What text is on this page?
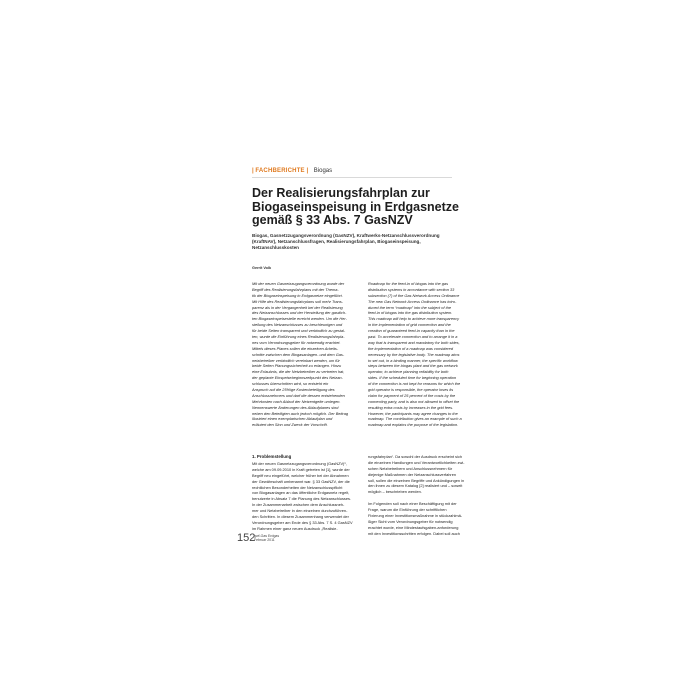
| FACHBERICHTE | Biogas
Der Realisierungsfahrplan zur
Biogaseinspeisung in Erdgasnetze
gemäß § 33 Abs. 7 GasNZV
Biogas, Gasnetzzugangsverordnung (GasNZV), Kraftwerks-Netzanschlussverordnung (KraftNAV), Netzanschlussfragen, Realisierungsfahrplan, Biogaseinspeisung, Netzanschlusskosten
Gerrit Volk
Mit der neuen Gasnetzzugangsverordnung wurde der
Begriff des Realisierungsfahrplans mit der Thema-
tik der Biogaseinspeisung in Erdgasnetze eingeführt.
Mit Hilfe des Realisierungsfahrplans soll mehr Trans-
parenz als in der Vergangenheit bei der Realisierung
des Netzanschlusses und der Herstellung der gasdich-
ten Biogaseinspeisestelle erreicht werden. Um die Her-
stellung des Netzanschlusses zu beschleunigen und
für beide Seiten transparent und verbindlich zu gestal-
ten, wurde die Einführung eines Realisierungsfahrpla-
nes vom Verordnungsgeber für notwendig erachtet.
Mittels dieses Planes sollen die einzelnen Arbeits-
schritte zwischen dem Biogasanlagen- und dem Gas-
netzbetreiber verbindlich vereinbart werden, um für
beide Seiten Planungssicherheit zu erlangen. Hinzu
eine Erlaubnis, die der Netzbetreiber zu vertreten hat,
der geplante Einspeisebeginnszeitpunkt des Netzan-
schlusses überschritten wird, so entsteht ein
Anspruch auf die 25%ige Kostenbeteiligung des
Anschlussnehmers und darf die dessen entstehenden
Mehrkosten nach Ablauf der Netzentgelte umlegen.
Nennenswerte Änderungen des Ablaufplanes sind
neben den Beteiligten auch jedoch möglich. Der Beitrag
illustriert einen exemplarischen Ablaufplan und
erläutert den Sinn und Zweck der Vorschrift.
Roadmap for the feed-in of biogas into the gas
distribution systems in accordance with section 33
subsection (7) of the Gas Network Access Ordinance
The new Gas Network Access Ordinance has intro-
duced the term “roadmap” into the subject of the
feed-in of biogas into the gas distribution system.
This roadmap will help to achieve more transparency
in the implementation of grid connection and the
creation of guaranteed feed-in capacity than in the
past. To accelerate connection and to arrange it in a
way that is transparent and mandatory for both sides,
the implementation of a roadmap was considered
necessary by the legislative body. The roadmap aims
to set out, in a binding manner, the specific workflow
steps between the biogas plant and the gas network
operator, to achieve planning reliability for both
sides. If the scheduled time for beginning operation
of the connection is not kept for reasons for which the
grid operator is responsible, the operator loses its
claim for payment of 25 percent of the costs by the
connecting party, and is also not allowed to offset the
resulting extra costs by increases in the grid fees.
However, the participants may agree changes to the
roadmap. The contribution gives an example of such a
roadmap and explains the purpose of the legislation.
1. Problemstellung
Mit der neuen Gasnetzzugangsverordnung (GasNZV)¹,
welche am 09.09.2010 in Kraft getreten ist [1], wurde der
Begriff neu eingeführt, welcher früher bei der Abnahmen
der Gewährschaft umbenannt war. § 33 GasNZV, der die
rechtlichen Besonderheiten der Netzanschlusspflicht
von Biogasanlagen an das öffentliche Erdgasnetz regelt,
benutzerte in Absatz 7 die Planung des Netzanschlusses.
In der Zusammenarbeit zwischen dem Anschlussneh-
mer und Netzbetreiber in den einzelnen durchzuführen-
den Schritten. In diesem Zusammenhang verwendet der
Verordnungsgeber am Ende des § 33 Abs. 7 S. 4 GasNZV
im Rahmen einer ganz neuen Ausdruck „Realisie-
rungsfahrplan“. Da sowohl der Ausdruck erscheint sich
die einzelnen Handlungen und Verantwortlichkeiten zwi-
schen Netzbetreibern und Anschlussnehmern für
diejenige Maßnahmen der Netzanschlussverfahren
soll, sollen die einzelnen Begriffe und Ankündigungen in
den ihnen zu diesem Katalog [2] realisiert und – soweit
möglich – beschrieben werden.
Im Folgenden soll nach einer Beschäftigung mit der
Frage, warum die Einführung der schriftlichen
Fixierung einer Investitionsmaßnahme in stückzahlmä-
ßiger Sicht vom Verordnungsgeber für notwendig
erachtet wurde, eine Mindestaufsgaben-anforderung
mit den Investitionsschritten erfolgen. Dabei soll auch
152
gwf-Gas Erdgas
Februar 2011
